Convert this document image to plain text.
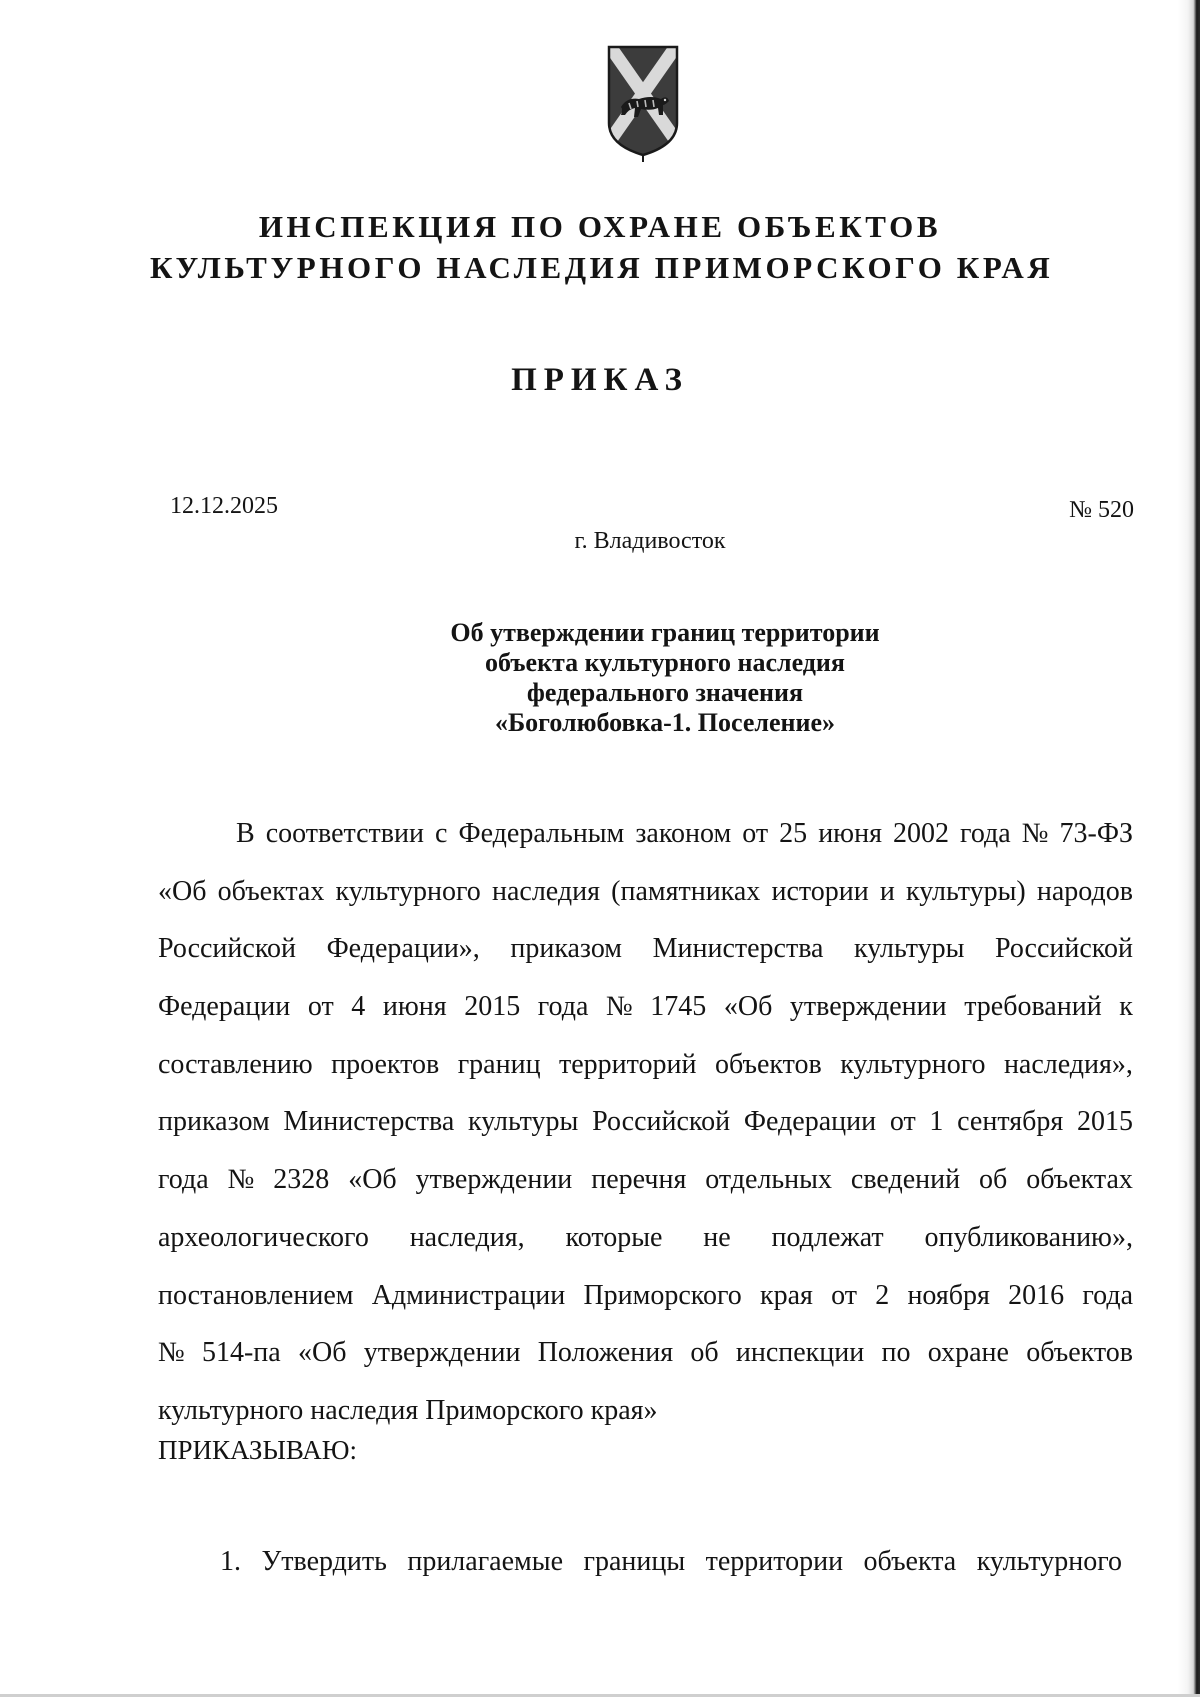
ИНСПЕКЦИЯ ПО ОХРАНЕ ОБЪЕКТОВ
КУЛЬТУРНОГО НАСЛЕДИЯ ПРИМОРСКОГО КРАЯ
ПРИКАЗ
12.12.2025	№ 520
г. Владивосток
Об утверждении границ территории
объекта культурного наследия
федерального значения
«Боголюбовка-1. Поселение»
В соответствии с Федеральным законом от 25 июня 2002 года № 73-ФЗ
«Об объектах культурного наследия (памятниках истории и культуры) народов
Российской Федерации», приказом Министерства культуры Российской
Федерации от 4 июня 2015 года № 1745 «Об утверждении требований к
составлению проектов границ территорий объектов культурного наследия»,
приказом Министерства культуры Российской Федерации от 1 сентября 2015
года № 2328 «Об утверждении перечня отдельных сведений об объектах
археологического наследия, которые не подлежат опубликованию»,
постановлением Администрации Приморского края от 2 ноября 2016 года
№ 514-па «Об утверждении Положения об инспекции по охране объектов
культурного наследия Приморского края»
ПРИКАЗЫВАЮ:
1. Утвердить прилагаемые границы территории объекта культурного
